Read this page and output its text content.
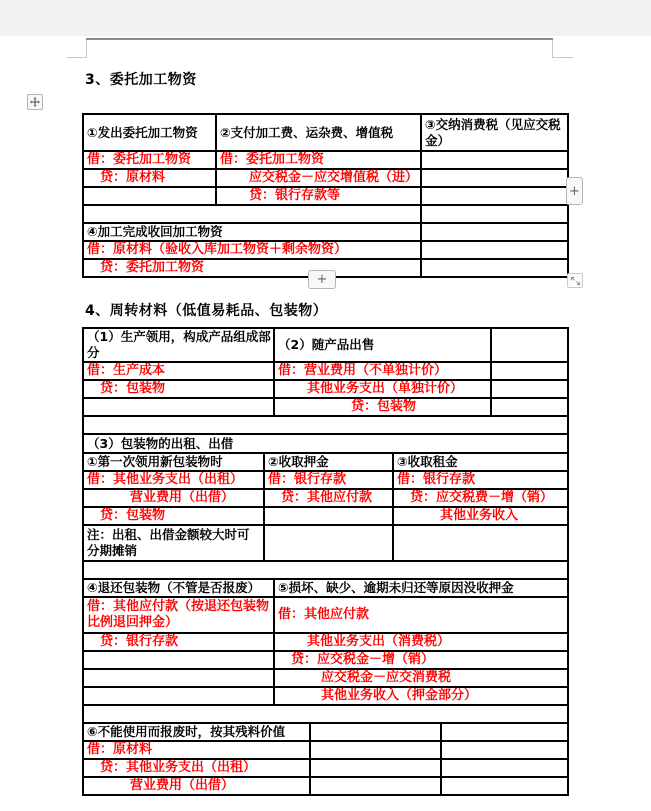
3、委托加工物资
①发出委托加工物资	②支付加工费、运杂费、增值税	③交纳消费税（见应交税金）
借：委托加工物资	借：委托加工物资	
贷：原材料	应交税金－应交增值税（进）	
	贷：银行存款等	

④加工完成收回加工物资	
借：原材料（验收入库加工物资＋剩余物资）	
贷：委托加工物资	
+
+
4、周转材料（低值易耗品、包装物）
（1）生产领用，构成产品组成部分	（2）随产品出售	
借：生产成本	借：营业费用（不单独计价）	
贷：包装物	其他业务支出（单独计价）	
	贷：包装物	

（3）包装物的出租、出借
①第一次领用新包装物时	②收取押金	③收取租金
借：其他业务支出（出租）	借：银行存款	借：银行存款
营业费用（出借）	贷：其他应付款	贷：应交税费－增（销）
贷：包装物		其他业务收入
注：出租、出借金额较大时可分期摊销		
④退还包装物（不管是否报废）	⑤损坏、缺少、逾期未归还等原因没收押金
借：其他应付款（按退还包装物比例退回押金）	借：其他应付款
贷：银行存款	其他业务支出（消费税）
	贷：应交税金－增（销）
	应交税金－应交消费税
	其他业务收入（押金部分）
⑥不能使用而报废时，按其残料价值		
借：原材料		
贷：其他业务支出（出租）		
营业费用（出借）		
